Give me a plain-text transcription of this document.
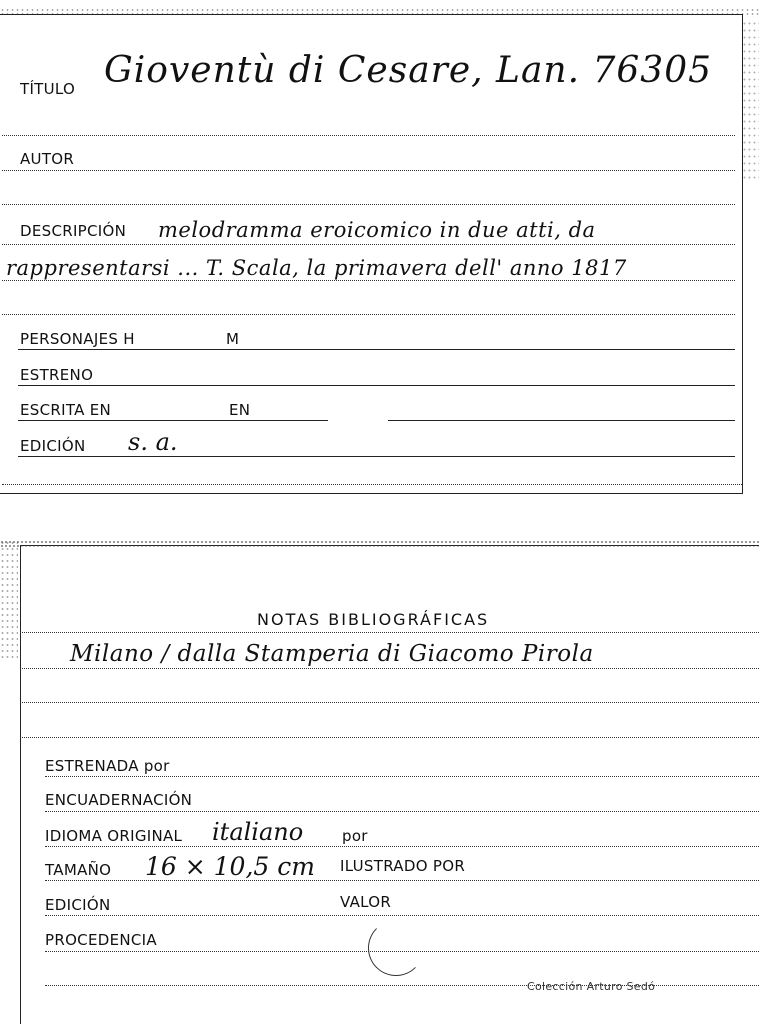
TÍTULO Gioventù di Cesare, Lan. 76305
AUTOR
DESCRIPCIÓN melodramma eroicomico in due atti, da
rappresentarsi ... T. Scala, la primavera dell' anno 1817
PERSONAJES H	M
ESTRENO
ESCRITA EN	EN
EDICIÓN s. a.
NOTAS BIBLIOGRÁFICAS
Milano / dalla Stamperia di Giacomo Pirola
ESTRENADA por
ENCUADERNACIÓN
IDIOMA ORIGINAL italiano	por
TAMAÑO 16 × 10,5 cm ILUSTRADO POR
EDICIÓN	VALOR
PROCEDENCIA
Colección Arturo Sedó
